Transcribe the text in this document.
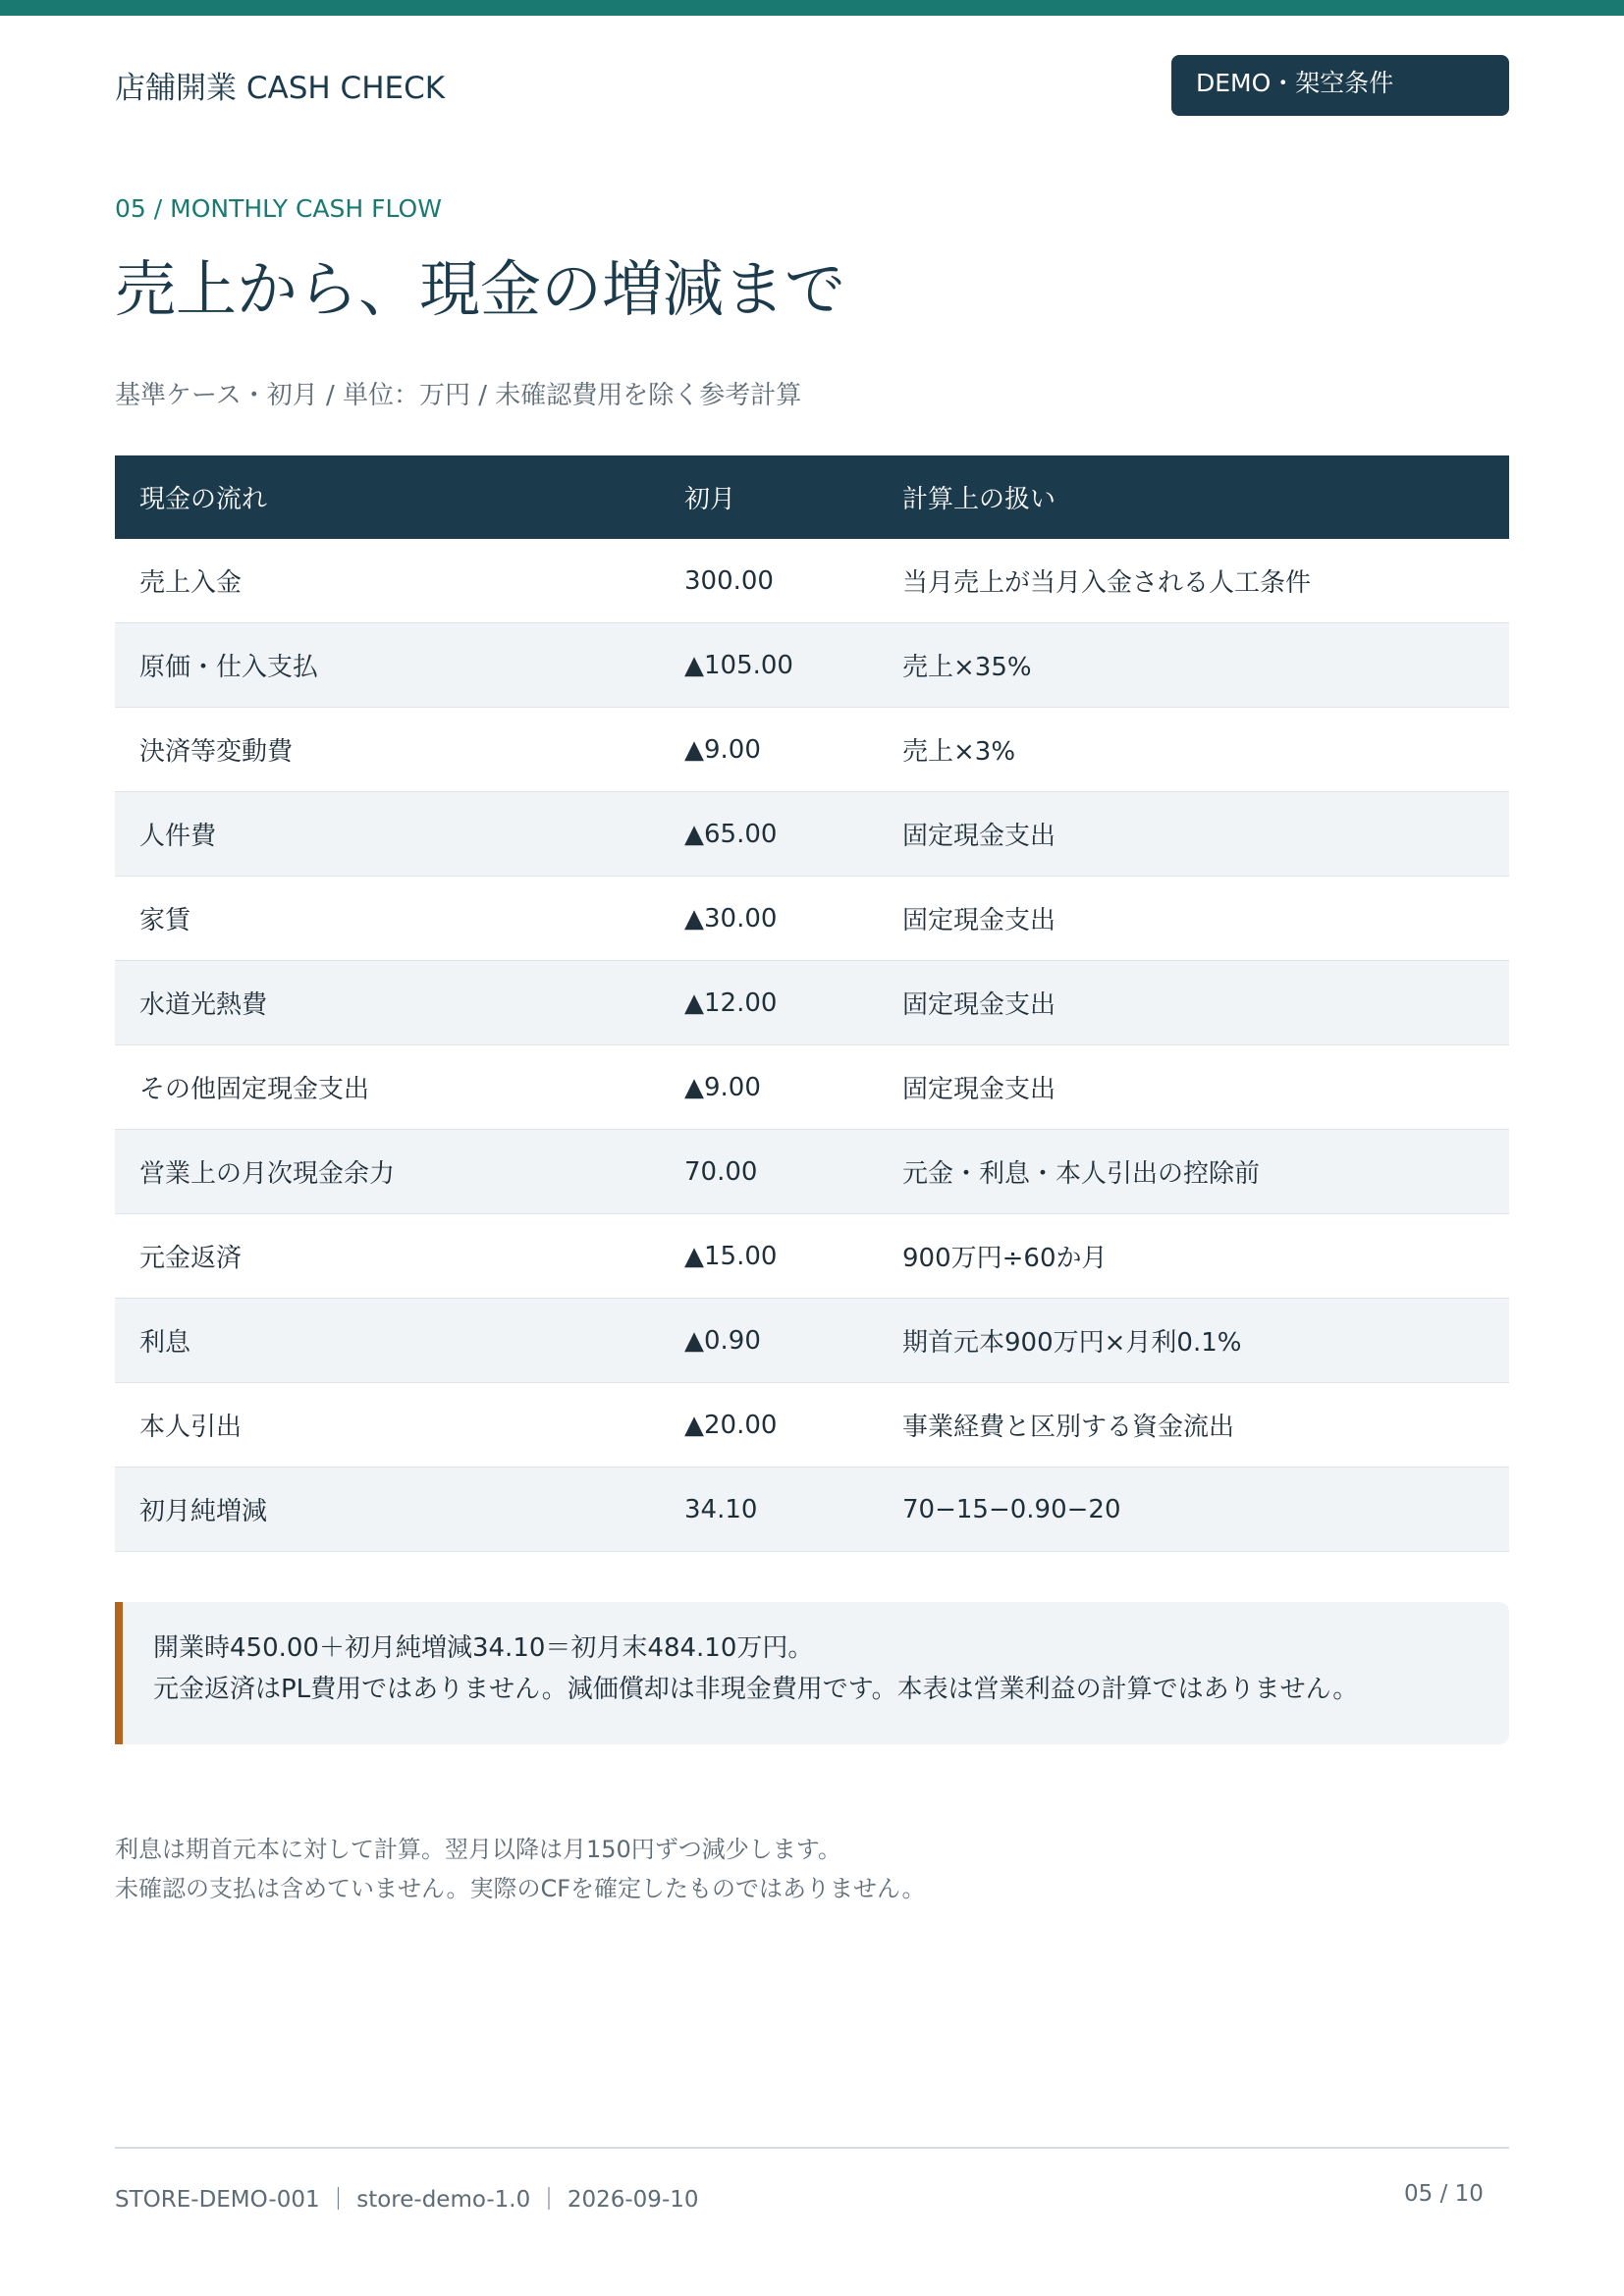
店舗開業 CASH CHECK	DEMO・架空条件
05 / MONTHLY CASH FLOW
売上から、現金の増減まで
基準ケース・初月 / 単位：万円 / 未確認費用を除く参考計算
現金の流れ	初月	計算上の扱い
売上入金	300.00	当月売上が当月入金される人工条件
原価・仕入支払	▲105.00	売上×35%
決済等変動費	▲9.00	売上×3%
人件費	▲65.00	固定現金支出
家賃	▲30.00	固定現金支出
水道光熱費	▲12.00	固定現金支出
その他固定現金支出	▲9.00	固定現金支出
営業上の月次現金余力	70.00	元金・利息・本人引出の控除前
元金返済	▲15.00	900万円÷60か月
利息	▲0.90	期首元本900万円×月利0.1%
本人引出	▲20.00	事業経費と区別する資金流出
初月純増減	34.10	70−15−0.90−20
開業時450.00＋初月純増減34.10＝初月末484.10万円。
元金返済はPL費用ではありません。減価償却は非現金費用です。本表は営業利益の計算ではありません。
利息は期首元本に対して計算。翌月以降は月150円ずつ減少します。
未確認の支払は含めていません。実際のCFを確定したものではありません。
STORE-DEMO-001 ｜ store-demo-1.0 ｜ 2026-09-10	05 / 10
